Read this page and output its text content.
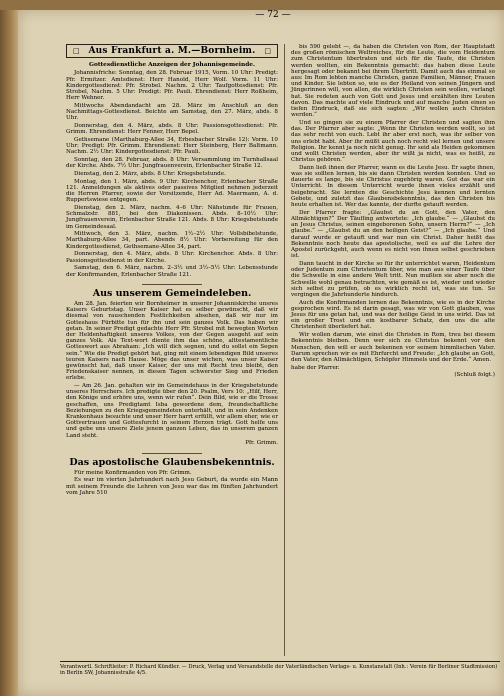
— 72 —
□ Aus Frankfurt a. M.—Bornheim. □
Gottesdienstliche Anzeigen der Johannisgemeinde.

Johannisfriche: Sonntag, den 28. Februar 1915, Vorm. 10 Uhr: Predigt: Pfr. Ermitzer. Amtsdienst: Herr Hanold, Herr Wolf. Vorm. 11 Uhr: Kindergottesdienst: Pfr. Strobel. Nachm. 2 Uhr: Taufgottesdienst: Pfr. Strobel, Nachm. 5 Uhr: Predigt: Pfr. Pauli. Ehrendienst: Herr Roßheim, Herr Wehner.

Mittwochs Abendandacht am 28. März im Anschluß an den Nachmittags-Gottesdienst. Beichte am Samstag, den 27. März, abds. 8 Uhr.

Donnerstag, den 4. März, abds. 8 Uhr: Passionsgottesdienst: Pfr. Grimm. Ehrendienst: Herr Fenner, Herr Bepel.

Gethsemane (Marthaburg-Allee 34, Erbesbacher Straße 12): Vorm. 10 Uhr: Predigt: Pfr. Grimm. Ehrendienst: Herr Steinberg, Herr Baltmann. Nachm. 2½ Uhr: Kindergottesdienst: Pfr. Pauli.

Sonntag, den 28. Februar, abds. 8 Uhr: Versammlung im Turnhallsaal der Kirche. Abds. 7½ Uhr: Jungfrauenverein, Erlenbacher Straße 12.

Dienstag, den 2. März, abds. 8 Uhr: Kriegsbetstunde.

Montag, den 1. März, abds. 9 Uhr: Kirchenchor, Erlenbacher Straße 121. Anmeldungen als aktives oder passives Mitglied nehmen jederzeit die Herren Pfarrer, sowie der Vorsitzende, Herr Ad. Maermann, A. d. Ruppertswiese entgegen.

Dienstag, den 2. März, nachm. 4–6 Uhr: Nähstunde für Frauen, Schmalzstr. 881, bei den Diakonissen. Abds. 8–10½ Uhr: Jungfrauenverein, Erlenbacher Straße 121. Abds. 8 Uhr: Kriegsbetstunde im Gemeindesaal.

Mittwoch, den 3. März, nachm. 1½–2½ Uhr: Vollsbibelstunde, Marthaburg-Allee 34, part. Abends 8½ Uhr: Vorbereitung für den Kindergottesdienst, Gethsemane-Allee 34, part.

Donnerstag, den 4. März, abds. 8 Uhr: Kirchenchor. Abds. 8 Uhr: Passionsgottesdienst in der Kirche.

Samstag, den 6. März, nachm. 2–3½ und 3½–5½ Uhr: Lebensstunde der Konfirmanden, Erlenbacher Straße 121.

Aus unserem Gemeindeleben.

Am 28. Jan. feierten wir Bornheimer in unserer Johanniskirche unsres Kaisers Geburtstag. Unser Kaiser hat es selber gewünscht, daß wir diesmal von rauschenden Festlichkeiten absehen, daß wir nur im Gotteshaus Fürbitte tun für ihn und sein ganzes Volk. Das haben wir getan. In seiner Predigt gedachte Herr Pfr. Strobel mit bewegten Worten der Heldenhaftigkeit unseres Volkes, von der Gegen ausgeht auf sein ganzes Volk. Als Text-wort diente ihm das schöne, alttestamentliche Gotteswort aus Abraham: „Ich will dich segnen, und du sollst ein Segen sein.“ Wie die Predigt gehört hat, ging mit einem lebendigen Bild unseres teuren Kaisers nach Hause. Möge das unser wichen, was unser Kaiser gewünscht hat, daß unser Kaiser, der uns mit Recht treu bleibt, den Friedenskaiser nennen, in diesen Tagen schwerster Sieg und Frieden erlebe.

— Am 26. Jan. gehalten wir im Gemeindehaus in der Kriegsbetstunde unseres Herrschers. Ich predigte über den 20. Psalm, Vers 10: „Hilf, Herr, den Könige und erhöre uns, wenn wir rufen“. Dein Bild, wie er die Trosse geschaffen, uns Predigtamt Isba gewordene dem, freundschaftliche Beziehungen zu den Kriegsgemeindeten unterhält, und in sein Andenken Krankenhaus besuchte und unser Herr harrt erfüllt, wir allem eher, wie er Gottvertrauen und Gottesfurcht in seinem Herzen trägt. Gott helfe uns und gebe uns unsere Ziele jenem ganzen Leben, das in unserem ganzen Land steht.

Pfr. Grimm.

Das apostolische Glaubensbekenntnis.

Für meine Konfirmanden von Pfr. Grimm.

Es war im vierten Jahrhundert nach Jesu Geburt, da wurde ein Mann mit seinem Freunde die Lehren von Jesu war das im fünften Jahrhundert vom Jahre 510

bis 590 gelebt —, da haben die Christen von Rom, der Hauptstadt des großen römischen Weltreiches, für die Leute, die vom Heidentum zum Christentum übertraten und sich für die Taufe, die Christen werden wollten, ein Bekenntnis gemacht: das haben diese Leute hergesagt oder bekannt bei ihrem Übertritt. Damit auch das einmal so aus: Im Rom lebten manche Christen, ganze Familien, Männer, Frauen und Kinder. Sie lebten so, wie es der Heiland von seinen Jüngern und Jüngerinnen will, von allen, die wirklich Christen sein wollen, verlangt hat. Sie redeten auch von Gott und Jesus und erzählten ihre Leuten davon. Das machte auf viele Eindruck und auf manche Juden einen so tiefen Eindruck, daß sie sich sagten: „Wir wollen auch Christen werden.“

Und so gingen sie zu einem Pfarrer der Christen und sagten ihm das. Der Pfarrer aber sagte: „Wenn ihr Christen werden wollt, so ist das sehr recht von euch. Lebt ihr aber erst noch, was ihr selber von uns erlebt habt. Aber ihr müßt auch noch recht viel lernen und unsere Religion. Ihr kennt ja noch nicht genug. Ihr seid als Heiden gekommen und wollt Christen werden, aber ihr wißt ja nicht, was es heißt, zu Christus gehören.“

Dann ließ ihnen der Pfarrer, wann es die Leute Jesu. Er sagte ihnen, was sie sollten lernen, bis sie dann Christen werden konnten. Und so dauerte es lange, bis sie Christus zugehörig waren. Gut das war ein Unterricht. In diesem Unterricht wurde ihnen vieles erzählt und beigebracht. Sie lernten die Geschichte Jesu kennen und lernten Gebete, und zuletzt das Glaubensbekenntnis, das den Christen bis heute erhalten ist. Wer das kannte, der durfte getauft werden.

Der Pfarrer fragte: „Glaubst du an Gott, den Vater, den Allmächtigen?“ Der Täufling antwortete: „Ich glaube.“ — „Glaubst du an Jesus Christus, seinen eingeborenen Sohn, unsern Herrn?“ — „Ich glaube.“ — „Glaubst du an den heiligen Geist?“ — „Ich glaube.“ Und darauf wurde er getauft und war nun ein Christ. Daher heißt das Bekenntnis noch heute das apostolische, weil es auf die Lehre der Apostel zurückgeht, auch wenn es nicht von ihnen selbst geschrieben ist.

Dann taucht in der Kirche so für ihr unterrichtet waren, Heidentum oder Judentum zum Christentum über, wie man aus einer Taufe über die Schwelle in eine andere Welt tritt. Nun mußten sie aber noch die Schwelle wohl genau betrachten, wie gemäß es ist, wieder und wieder sich selbst zu prüfen, ob es wirklich recht ist, was sie tun. So vergingen die Jahrhunderte hindurch.

Auch die Konfirmanden lernen das Bekenntnis, wie es in der Kirche gesprochen wird. Es ist darin gesagt, was wir von Gott glauben, was Jesus für uns getan hat, und was der heilige Geist in uns wirkt. Das ist ein großer Trost und ein kostbarer Schatz, den uns die alte Christenheit überliefert hat.

Wir wollen darum, wie einst die Christen in Rom, treu bei diesem Bekenntnis bleiben. Denn wer sich zu Christus bekennt vor den Menschen, den will er auch bekennen vor seinem himmlischen Vater. Darum sprechen wir es mit Ehrfurcht und Freude: „Ich glaube an Gott, den Vater, den Allmächtigen, Schöpfer Himmels und der Erde.“ Amen.

habe der Pfarrer.

(Schluß folgt.)

Verantwortl. Schriftleiter: P. Richard Kündler. — Druck, Verlag und Versandstelle der Vaterländischen Verlags- u. Kunstanstalt (Inh.: Verein für Berliner Stadtmission) in Berlin SW, Johannisstraße 4/5.
